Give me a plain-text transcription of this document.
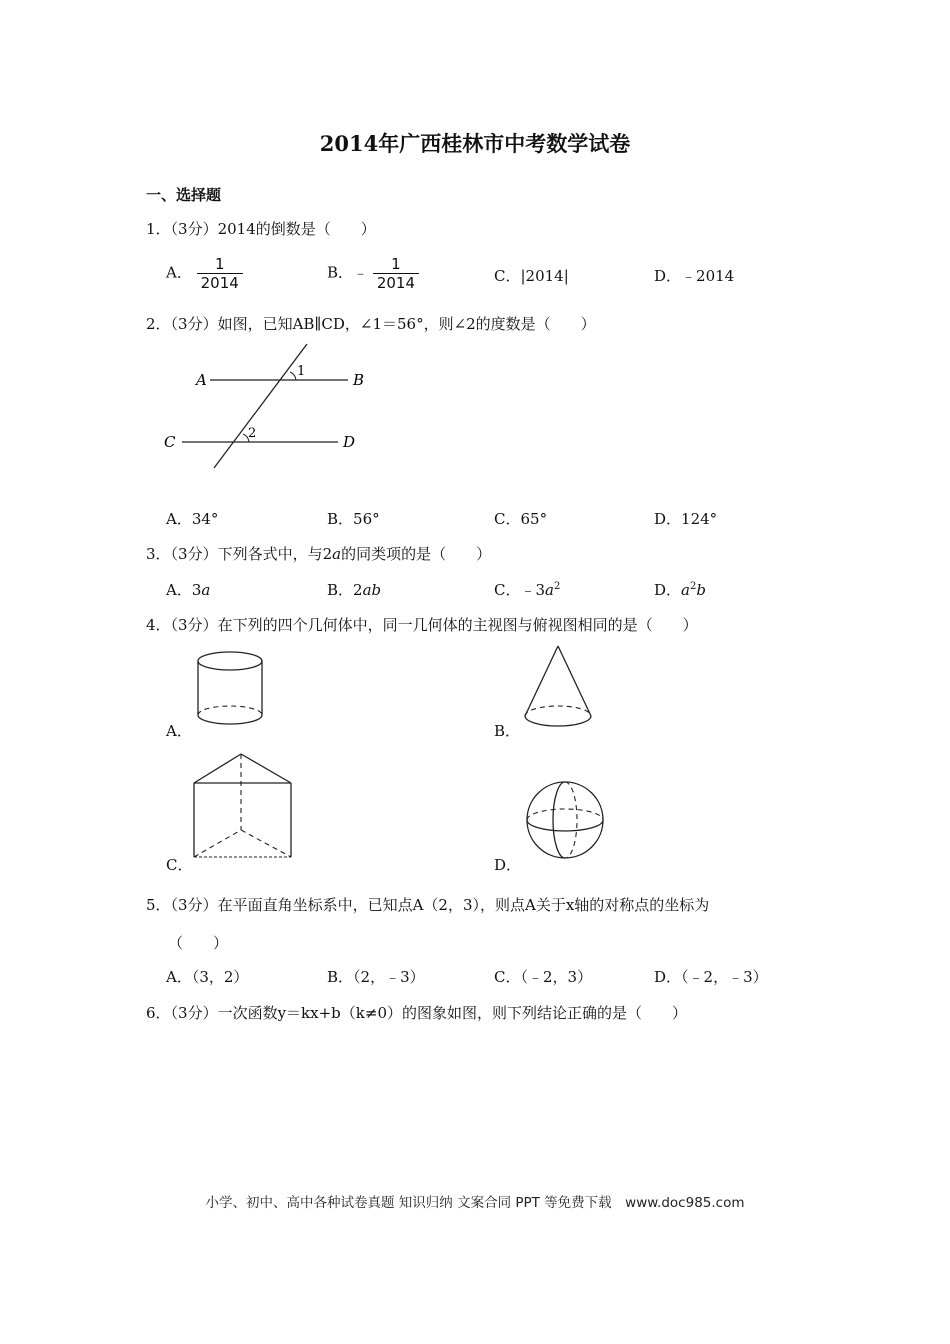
2014年广西桂林市中考数学试卷
一、选择题
1．（3分）2014的倒数是（　　）
A． $\frac{1}{2014}$	B．﹣ $\frac{1}{2014}$	C．|2014|	D．﹣2014
2．（3分）如图，已知AB∥CD，∠1＝56°，则∠2的度数是（　　）
A	B
C	D
1
2
A．34°	B．56°	C．65°	D．124°
3．（3分）下列各式中，与2a的同类项的是（　　）
A．3a	B．2ab	C．$﹣3a^2$	D．$a^2b$
4．（3分）在下列的四个几何体中，同一几何体的主视图与俯视图相同的是（　　）
A．	B．
C．	D．
5．（3分）在平面直角坐标系中，已知点A（2，3），则点A关于x轴的对称点的坐标为
（　　）
A．（3，2）	B．（2，﹣3）	C．（﹣2，3）	D．（﹣2，﹣3）
6．（3分）一次函数y＝kx+b（k≠0）的图象如图，则下列结论正确的是（　　）
小学、初中、高中各种试卷真题 知识归纳 文案合同 PPT 等免费下载　www.doc985.com
